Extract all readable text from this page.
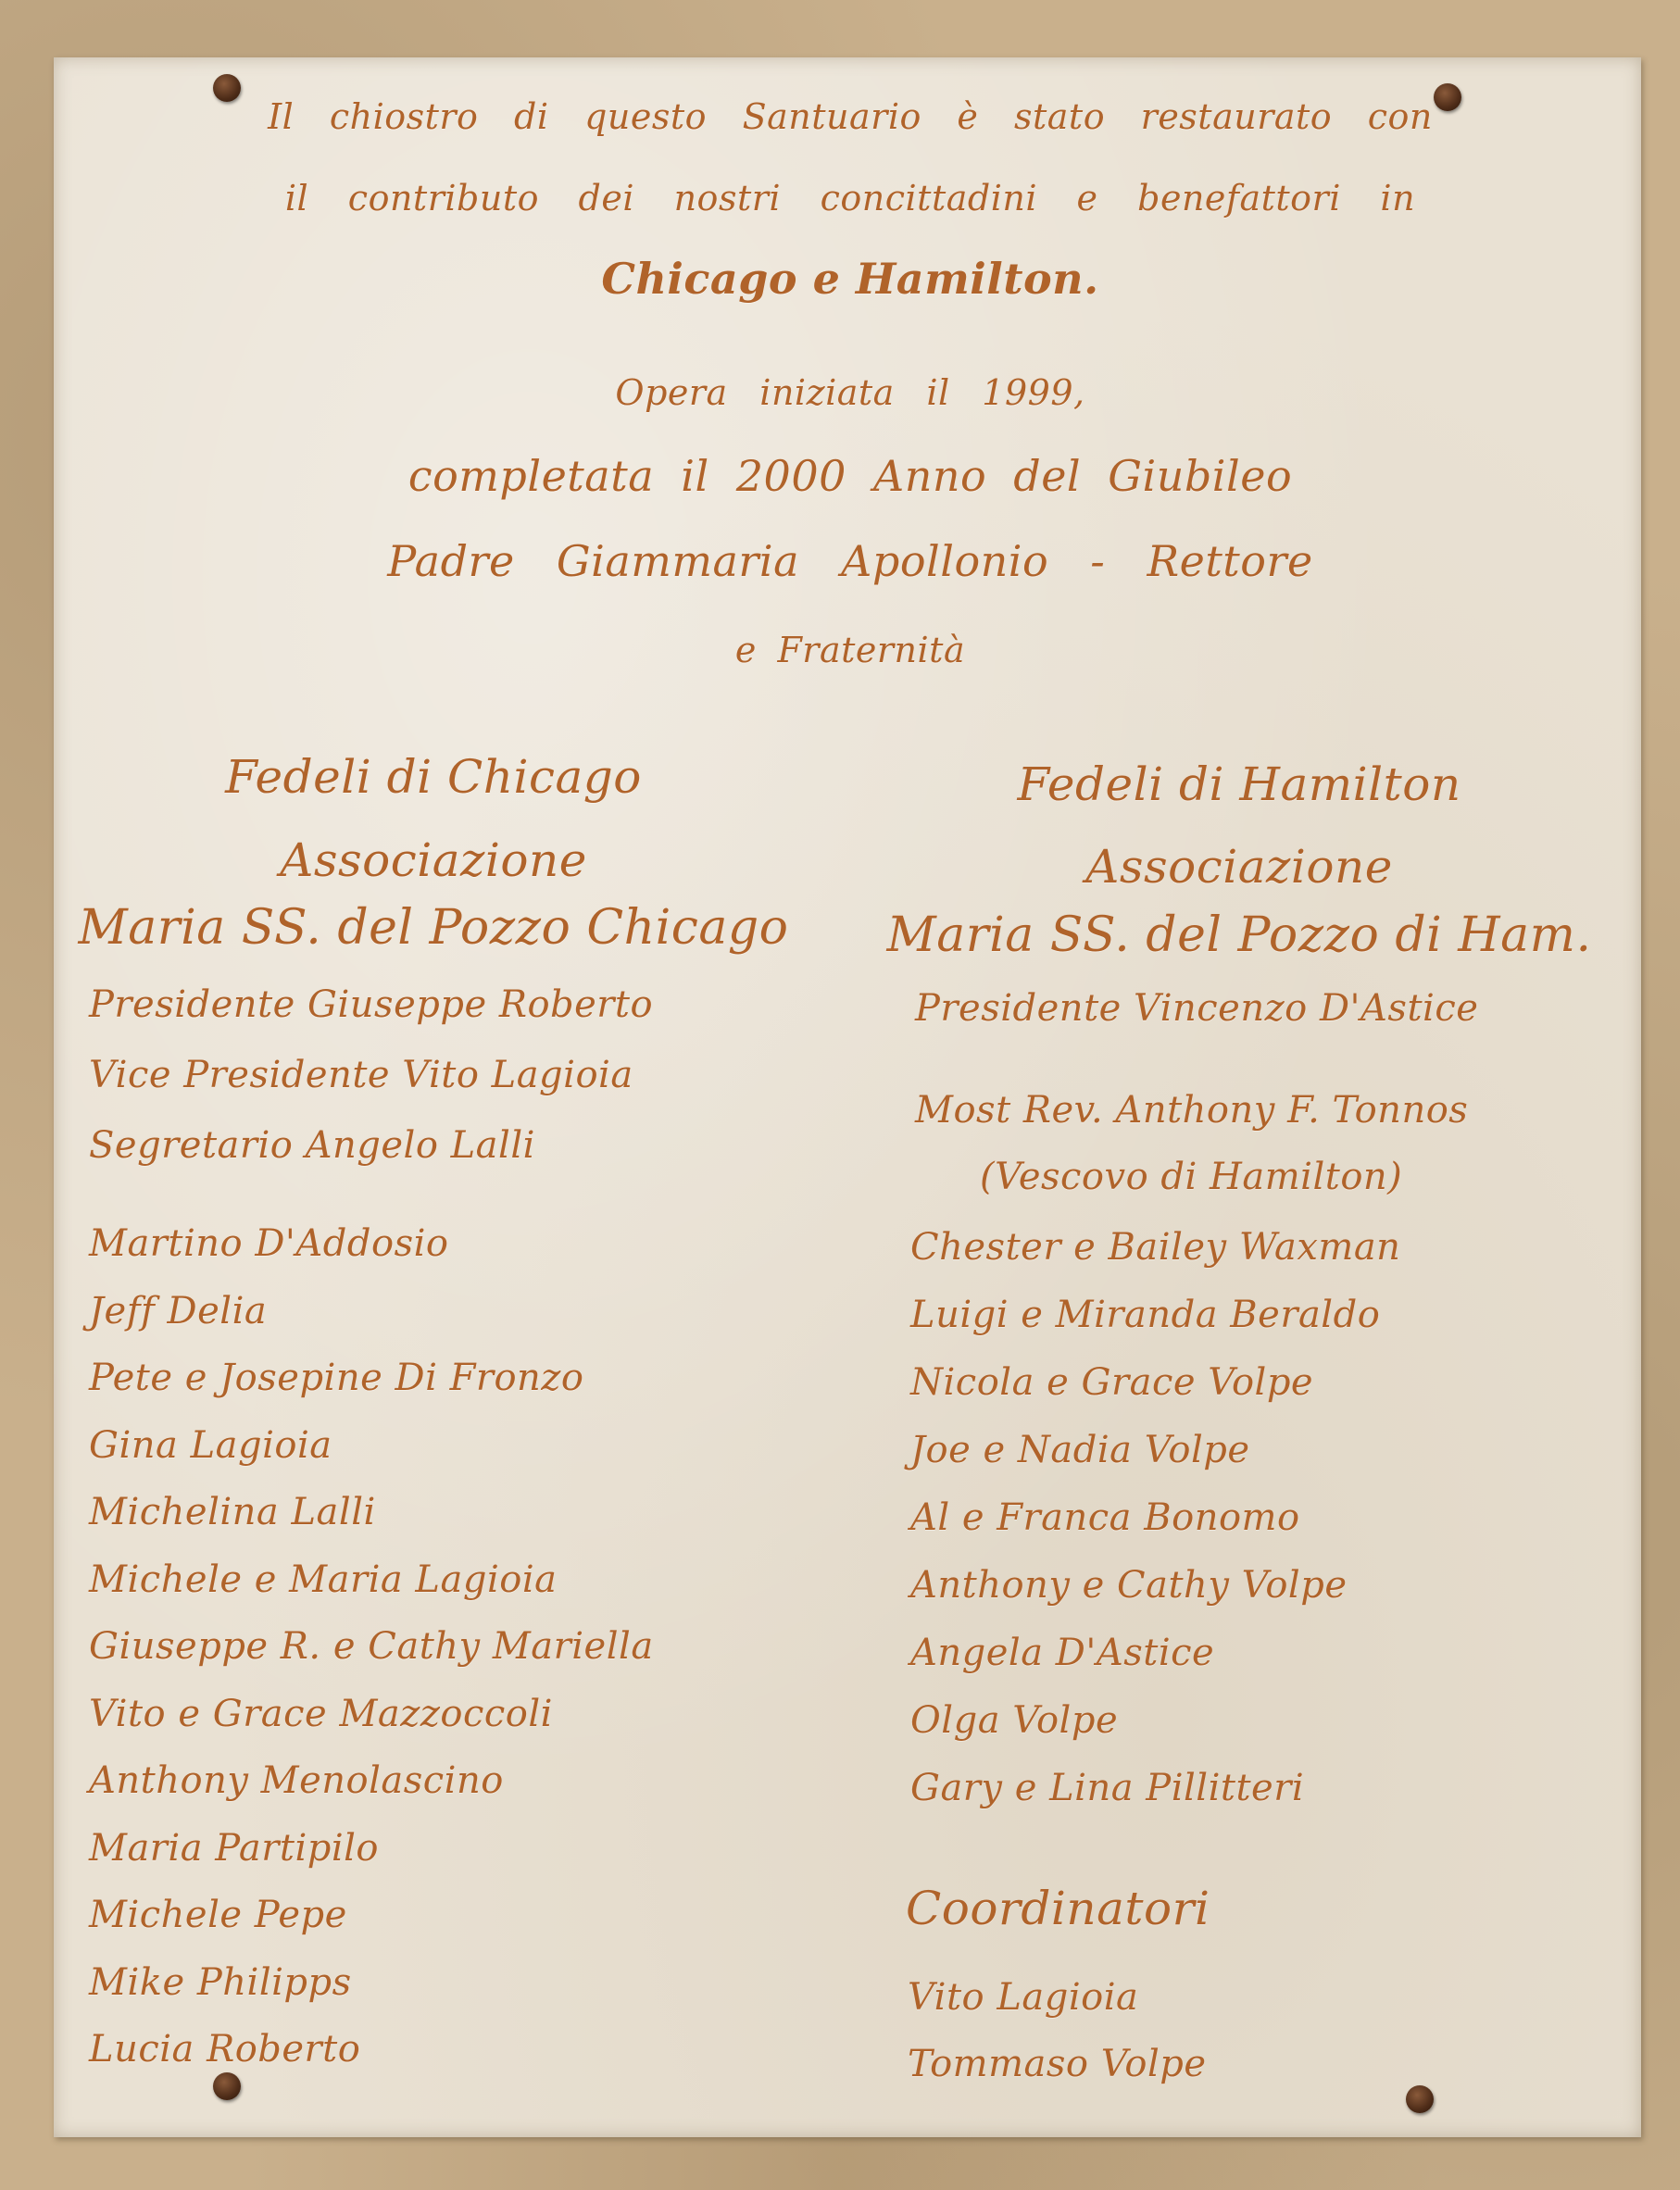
Il chiostro di questo Santuario è stato restaurato con
il contributo dei nostri concittadini e benefattori in
Chicago e Hamilton.
Opera iniziata il 1999,
completata il 2000 Anno del Giubileo
Padre Giammaria Apollonio - Rettore
e Fraternità
Fedeli di Chicago
Associazione
Maria SS. del Pozzo Chicago
Presidente Giuseppe Roberto
Vice Presidente Vito Lagioia
Segretario Angelo Lalli
Martino D'Addosio
Jeff Delia
Pete e Josepine Di Fronzo
Gina Lagioia
Michelina Lalli
Michele e Maria Lagioia
Giuseppe R. e Cathy Mariella
Vito e Grace Mazzoccoli
Anthony Menolascino
Maria Partipilo
Michele Pepe
Mike Philipps
Lucia Roberto
Fedeli di Hamilton
Associazione
Maria SS. del Pozzo di Ham.
Presidente Vincenzo D'Astice
Most Rev. Anthony F. Tonnos
(Vescovo di Hamilton)
Chester e Bailey Waxman
Luigi e Miranda Beraldo
Nicola e Grace Volpe
Joe e Nadia Volpe
Al e Franca Bonomo
Anthony e Cathy Volpe
Angela D'Astice
Olga Volpe
Gary e Lina Pillitteri
Coordinatori
Vito Lagioia
Tommaso Volpe
